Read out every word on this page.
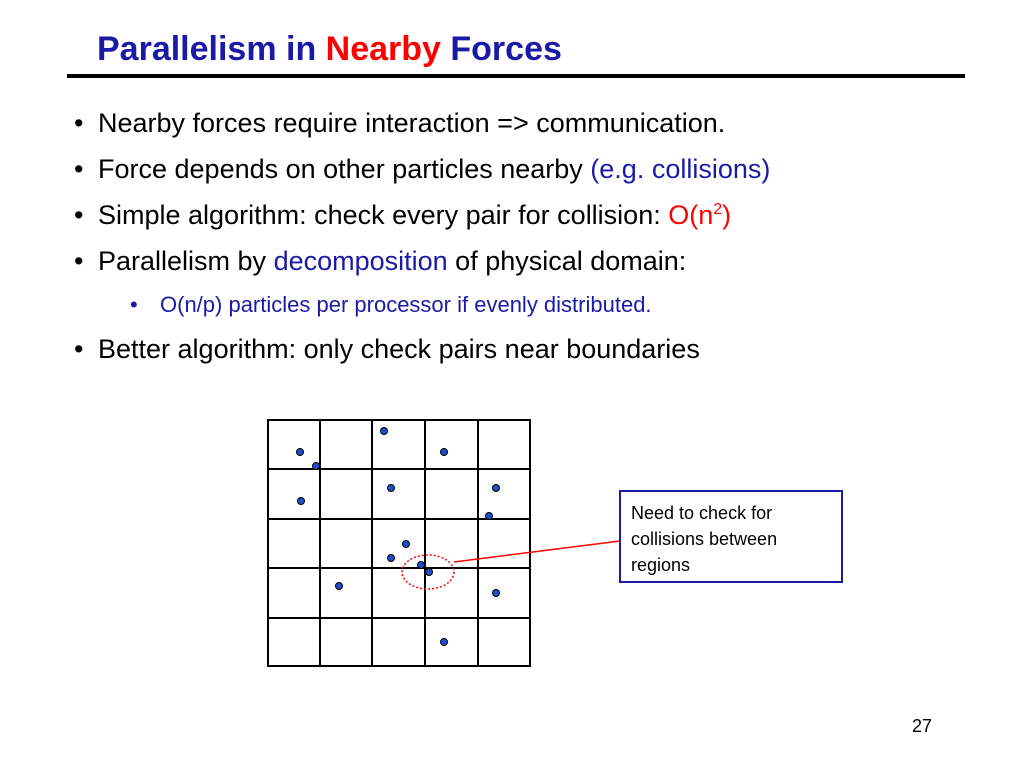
Parallelism in Nearby Forces
• Nearby forces require interaction => communication.
• Force depends on other particles nearby (e.g. collisions)
• Simple algorithm: check every pair for collision: $O(n^2)$
• Parallelism by decomposition of physical domain:
• O(n/p) particles per processor if evenly distributed.
• Better algorithm: only check pairs near boundaries
Need to check for collisions between regions
27
